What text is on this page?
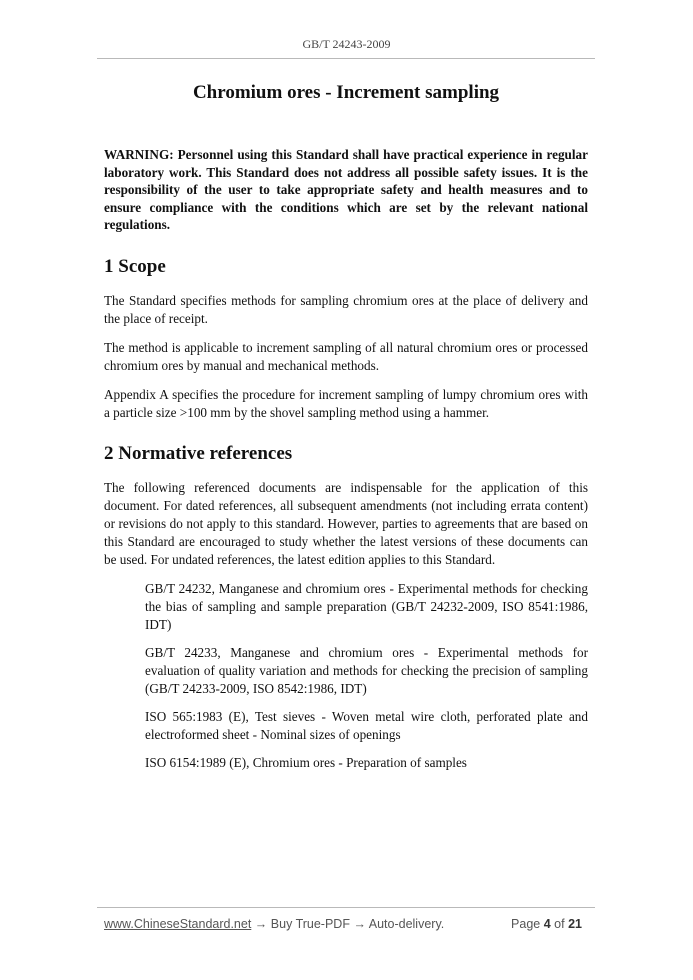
GB/T 24243-2009
Chromium ores - Increment sampling

WARNING: Personnel using this Standard shall have practical experience in regular laboratory work. This Standard does not address all possible safety issues. It is the responsibility of the user to take appropriate safety and health measures and to ensure compliance with the conditions which are set by the relevant national regulations.

1 Scope

The Standard specifies methods for sampling chromium ores at the place of delivery and the place of receipt.

The method is applicable to increment sampling of all natural chromium ores or processed chromium ores by manual and mechanical methods.

Appendix A specifies the procedure for increment sampling of lumpy chromium ores with a particle size >100 mm by the shovel sampling method using a hammer.

2 Normative references

The following referenced documents are indispensable for the application of this document. For dated references, all subsequent amendments (not including errata content) or revisions do not apply to this standard. However, parties to agreements that are based on this Standard are encouraged to study whether the latest versions of these documents can be used. For undated references, the latest edition applies to this Standard.

GB/T 24232, Manganese and chromium ores - Experimental methods for checking the bias of sampling and sample preparation (GB/T 24232-2009, ISO 8541:1986, IDT)

GB/T 24233, Manganese and chromium ores - Experimental methods for evaluation of quality variation and methods for checking the precision of sampling (GB/T 24233-2009, ISO 8542:1986, IDT)

ISO 565:1983 (E), Test sieves - Woven metal wire cloth, perforated plate and electroformed sheet - Nominal sizes of openings

ISO 6154:1989 (E), Chromium ores - Preparation of samples

www.ChineseStandard.net → Buy True-PDF → Auto-delivery.	Page 4 of 21
